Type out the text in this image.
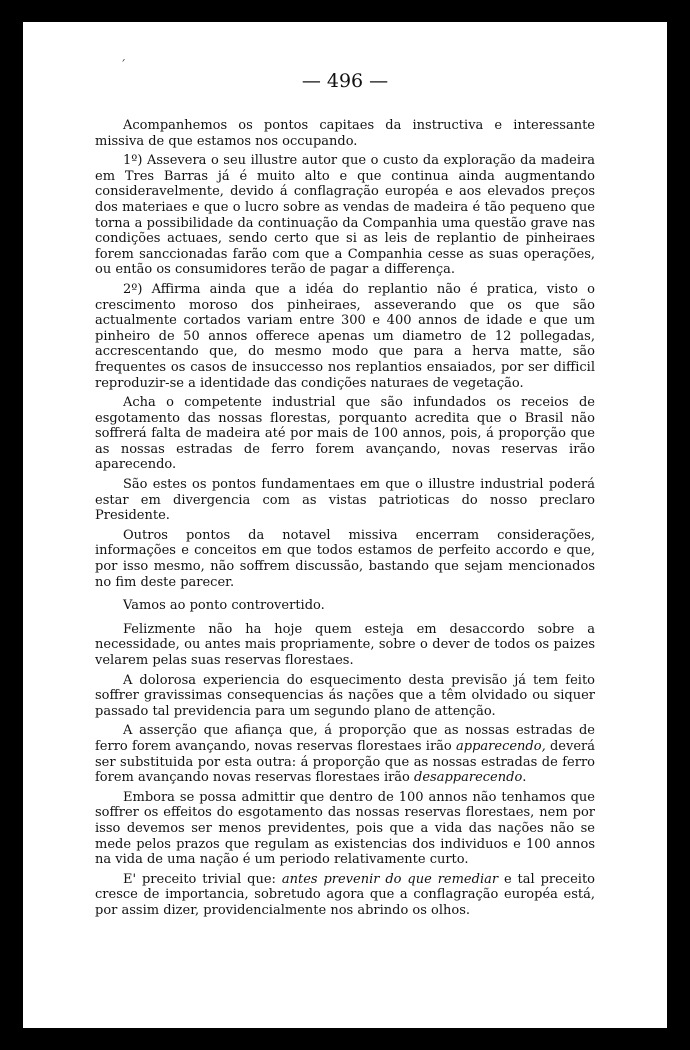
ˊ
— 496 —

Acompanhemos os pontos capitaes da instructiva e interessante missiva de que estamos nos occupando.

1º) Assevera o seu illustre autor que o custo da exploração da madeira em Tres Barras já é muito alto e que continua ainda augmentando consideravelmente, devido á conflagração européa e aos elevados preços dos materiaes e que o lucro sobre as vendas de madeira é tão pequeno que torna a possibilidade da continuação da Companhia uma questão grave nas condições actuaes, sendo certo que si as leis de replantio de pinheiraes forem sanccionadas farão com que a Companhia cesse as suas operações, ou então os consumidores terão de pagar a differença.

2º) Affirma ainda que a idéa do replantio não é pratica, visto o crescimento moroso dos pinheiraes, asseverando que os que são actualmente cortados variam entre 300 e 400 annos de idade e que um pinheiro de 50 annos offerece apenas um diametro de 12 pollegadas, accrescentando que, do mesmo modo que para a herva matte, são frequentes os casos de insuccesso nos replantios ensaiados, por ser difficil reproduzir-se a identidade das condições naturaes de vegetação.

Acha o competente industrial que são infundados os receios de esgotamento das nossas florestas, porquanto acredita que o Brasil não soffrerá falta de madeira até por mais de 100 annos, pois, á proporção que as nossas estradas de ferro forem avançando, novas reservas irão aparecendo.

São estes os pontos fundamentaes em que o illustre industrial poderá estar em divergencia com as vistas patrioticas do nosso preclaro Presidente.

Outros pontos da notavel missiva encerram considerações, informações e conceitos em que todos estamos de perfeito accordo e que, por isso mesmo, não soffrem discussão, bastando que sejam mencionados no fim deste parecer.

Vamos ao ponto controvertido.

Felizmente não ha hoje quem esteja em desaccordo sobre a necessidade, ou antes mais propriamente, sobre o dever de todos os paizes velarem pelas suas reservas florestaes.

A dolorosa experiencia do esquecimento desta previsão já tem feito soffrer gravissimas consequencias ás nações que a têm olvidado ou siquer passado tal previdencia para um segundo plano de attenção.

A asserção que afiança que, á proporção que as nossas estradas de ferro forem avançando, novas reservas florestaes irão apparecendo, deverá ser substituida por esta outra: á proporção que as nossas estradas de ferro forem avançando novas reservas florestaes irão desapparecendo.

Embora se possa admittir que dentro de 100 annos não tenhamos que soffrer os effeitos do esgotamento das nossas reservas florestaes, nem por isso devemos ser menos previdentes, pois que a vida das nações não se mede pelos prazos que regulam as existencias dos individuos e 100 annos na vida de uma nação é um periodo relativamente curto.

E' preceito trivial que: antes prevenir do que remediar e tal preceito cresce de importancia, sobretudo agora que a conflagração européa está, por assim dizer, providencialmente nos abrindo os olhos.
